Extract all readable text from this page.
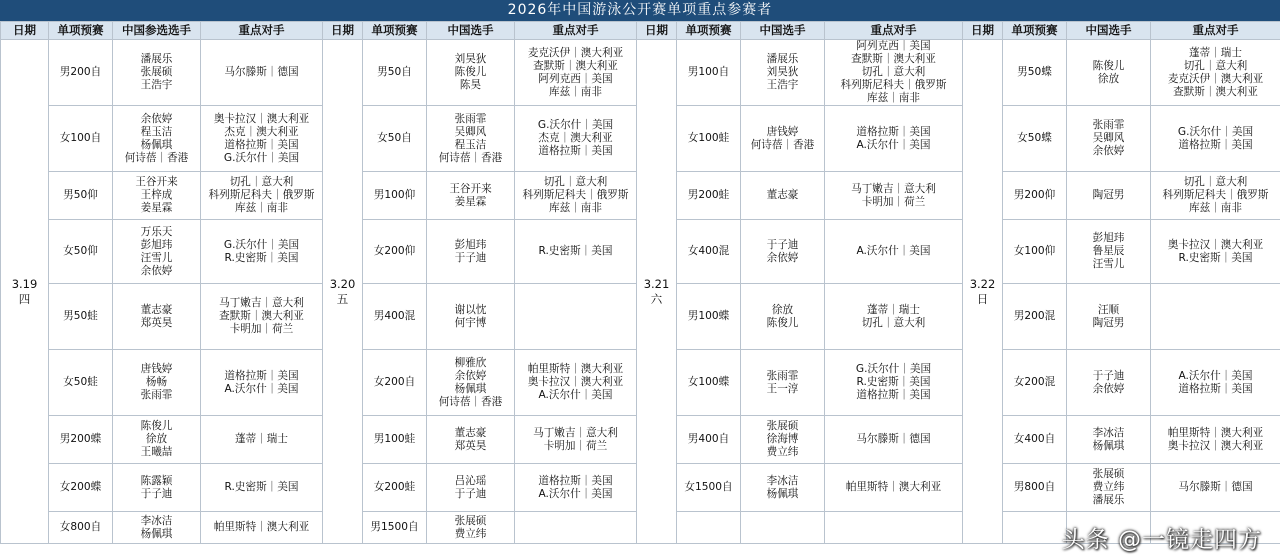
2026年中国游泳公开赛单项重点参赛者
日期	单项预赛	中国参选选手	重点对手	日期	单项预赛	中国选手	重点对手	日期	单项预赛	中国选手	重点对手	日期	单项预赛	中国选手	重点对手

3.19
四	男200自	潘展乐
张展硕
王浩宇	马尔滕斯｜德国	3.20
五	男50自	刘昊狄
陈俊儿
陈昊	麦克沃伊｜澳大利亚
查默斯｜澳大利亚
阿列克西｜美国
库兹｜南非	3.21
六	男100自	潘展乐
刘昊狄
王浩宇	阿列克西｜美国
查默斯｜澳大利亚
切孔｜意大利
科列斯尼科夫｜俄罗斯
库兹｜南非	3.22
日	男50蝶	陈俊儿
徐放	蓬蒂｜瑞士
切孔｜意大利
麦克沃伊｜澳大利亚
查默斯｜澳大利亚

	女100自	余依婷
程玉洁
杨佩琪
何诗蓓｜香港	奥卡拉汉｜澳大利亚
杰克｜澳大利亚
道格拉斯｜美国
G.沃尔什｜美国		女50自	张雨霏
吴卿风
程玉洁
何诗蓓｜香港	G.沃尔什｜美国
杰克｜澳大利亚
道格拉斯｜美国		女100蛙	唐钱婷
何诗蓓｜香港	道格拉斯｜美国
A.沃尔什｜美国		女50蝶	张雨霏
吴卿风
余依婷	G.沃尔什｜美国
道格拉斯｜美国

	男50仰	王谷开来
王梓成
姜星霖	切孔｜意大利
科列斯尼科夫｜俄罗斯
库兹｜南非		男100仰	王谷开来
姜星霖	切孔｜意大利
科列斯尼科夫｜俄罗斯
库兹｜南非		男200蛙	董志豪	马丁嫩吉｜意大利
卡明加｜荷兰		男200仰	陶冠男	切孔｜意大利
科列斯尼科夫｜俄罗斯
库兹｜南非

	女50仰	万乐天
彭旭玮
汪雪儿
余依婷	G.沃尔什｜美国
R.史密斯｜美国		女200仰	彭旭玮
于子迪	R.史密斯｜美国		女400混	于子迪
余依婷	A.沃尔什｜美国		女100仰	彭旭玮
鲁星辰
汪雪儿	奥卡拉汉｜澳大利亚
R.史密斯｜美国

	男50蛙	董志豪
郑英昊	马丁嫩吉｜意大利
查默斯｜澳大利亚
卡明加｜荷兰		男400混	谢以忱
何宇博			男100蝶	徐放
陈俊儿	蓬蒂｜瑞士
切孔｜意大利		男200混	汪顺
陶冠男	

	女50蛙	唐钱婷
杨畅
张雨霏	道格拉斯｜美国
A.沃尔什｜美国		女200自	柳雅欣
余依婷
杨佩琪
何诗蓓｜香港	帕里斯特｜澳大利亚
奥卡拉汉｜澳大利亚
A.沃尔什｜美国		女100蝶	张雨霏
王一淳	G.沃尔什｜美国
R.史密斯｜美国
道格拉斯｜美国		女200混	于子迪
余依婷	A.沃尔什｜美国
道格拉斯｜美国

	男200蝶	陈俊儿
徐放
王曦喆	蓬蒂｜瑞士		男100蛙	董志豪
郑英昊	马丁嫩吉｜意大利
卡明加｜荷兰		男400自	张展硕
徐海博
费立纬	马尔滕斯｜德国		女400自	李冰洁
杨佩琪	帕里斯特｜澳大利亚
奥卡拉汉｜澳大利亚

	女200蝶	陈露颖
于子迪	R.史密斯｜美国		女200蛙	吕沁瑶
于子迪	道格拉斯｜美国
A.沃尔什｜美国		女1500自	李冰洁
杨佩琪	帕里斯特｜澳大利亚		男800自	张展硕
费立纬
潘展乐	马尔滕斯｜德国

	女800自	李冰洁
杨佩琪	帕里斯特｜澳大利亚		男1500自	张展硕
费立纬									
								头条 @一镜走四方
